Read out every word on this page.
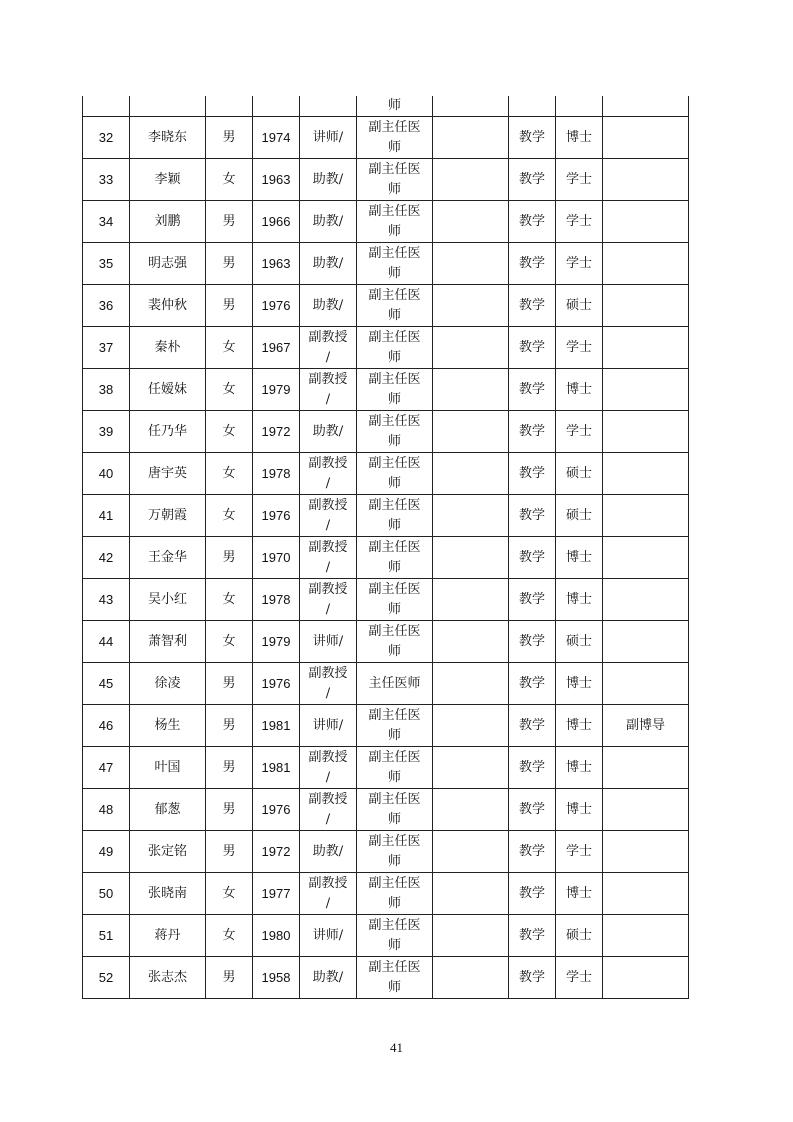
					师				
32	李晓东	男	1974	讲师/	副主任医
师		教学	博士	
33	李颖	女	1963	助教/	副主任医
师		教学	学士	
34	刘鹏	男	1966	助教/	副主任医
师		教学	学士	
35	明志强	男	1963	助教/	副主任医
师		教学	学士	
36	裴仲秋	男	1976	助教/	副主任医
师		教学	硕士	
37	秦朴	女	1967	副教授
/	副主任医
师		教学	学士	
38	任嫒妹	女	1979	副教授
/	副主任医
师		教学	博士	
39	任乃华	女	1972	助教/	副主任医
师		教学	学士	
40	唐宇英	女	1978	副教授
/	副主任医
师		教学	硕士	
41	万朝霞	女	1976	副教授
/	副主任医
师		教学	硕士	
42	王金华	男	1970	副教授
/	副主任医
师		教学	博士	
43	吴小红	女	1978	副教授
/	副主任医
师		教学	博士	
44	萧智利	女	1979	讲师/	副主任医
师		教学	硕士	
45	徐凌	男	1976	副教授
/	主任医师		教学	博士	
46	杨生	男	1981	讲师/	副主任医
师		教学	博士	副博导
47	叶国	男	1981	副教授
/	副主任医
师		教学	博士	
48	郁葱	男	1976	副教授
/	副主任医
师		教学	博士	
49	张定铭	男	1972	助教/	副主任医
师		教学	学士	
50	张晓南	女	1977	副教授
/	副主任医
师		教学	博士	
51	蒋丹	女	1980	讲师/	副主任医
师		教学	硕士	
52	张志杰	男	1958	助教/	副主任医
师		教学	学士	
41
